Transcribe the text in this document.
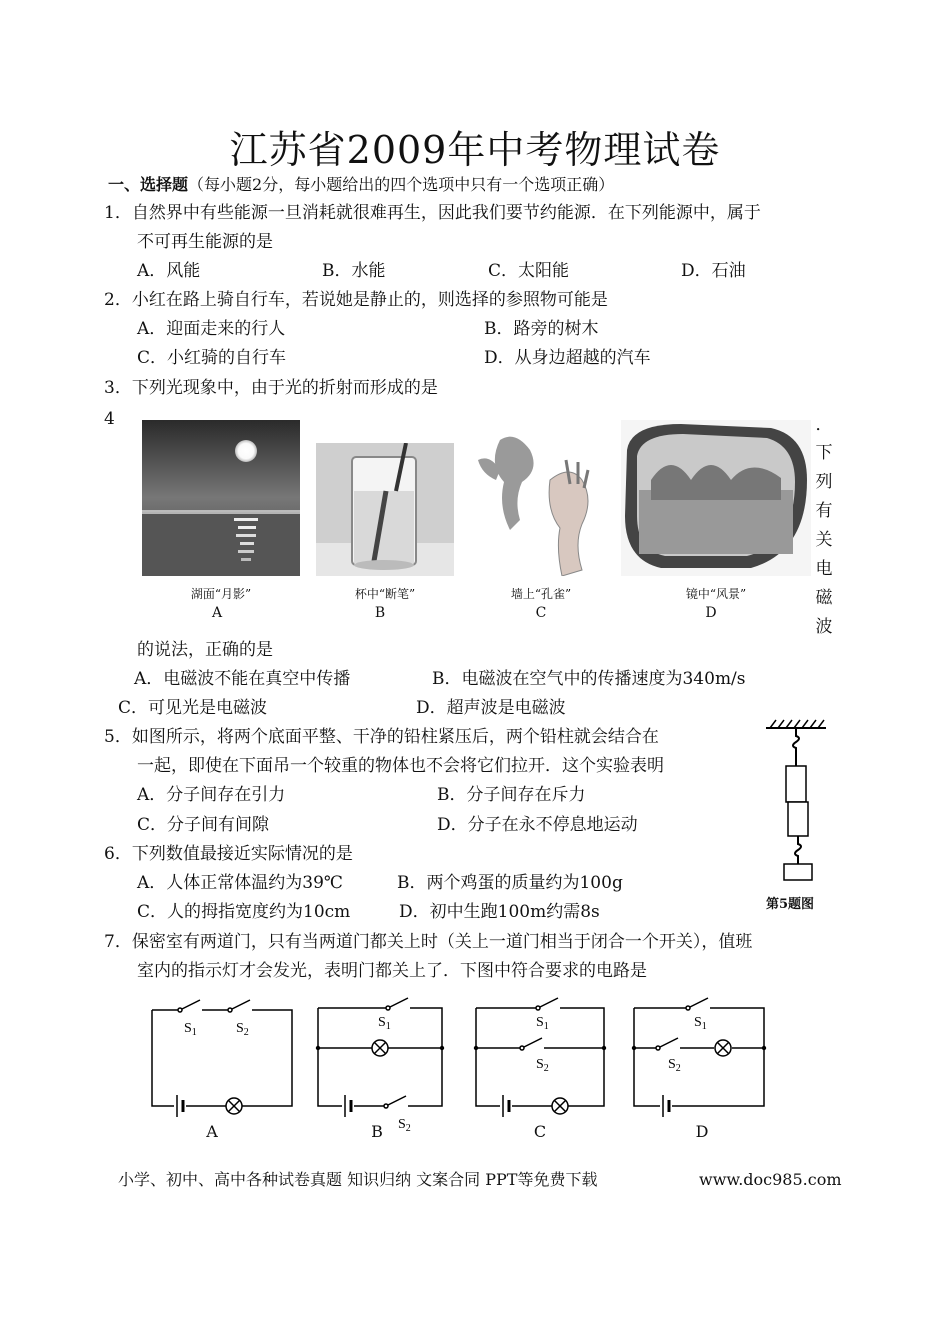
江苏省2009年中考物理试卷
一、选择题（每小题2分，每小题给出的四个选项中只有一个选项正确）
1．自然界中有些能源一旦消耗就很难再生，因此我们要节约能源．在下列能源中，属于
不可再生能源的是
A．风能	B．水能	C．太阳能	D．石油
2．小红在路上骑自行车，若说她是静止的，则选择的参照物可能是
A．迎面走来的行人	B．路旁的树木
C．小红骑的自行车	D．从身边超越的汽车
3．下列光现象中，由于光的折射而形成的是
4
湖面“月影”	杯中“断笔”	墙上“孔雀”	镜中“风景”
A	B	C	D
．
下
列
有
关
电
磁
波
的说法，正确的是
A．电磁波不能在真空中传播	B．电磁波在空气中的传播速度为340m/s
C．可见光是电磁波	D．超声波是电磁波
5．如图所示，将两个底面平整、干净的铅柱紧压后，两个铅柱就会结合在
一起，即使在下面吊一个较重的物体也不会将它们拉开．这个实验表明
A．分子间存在引力	B．分子间存在斥力
C．分子间有间隙	D．分子在永不停息地运动
第5题图
6．下列数值最接近实际情况的是
A．人体正常体温约为39℃	B．两个鸡蛋的质量约为100g
C．人的拇指宽度约为10cm	D．初中生跑100m约需8s
7．保密室有两道门，只有当两道门都关上时（关上一道门相当于闭合一个开关），值班
室内的指示灯才会发光，表明门都关上了．下图中符合要求的电路是
$S_1$	$S_2$
$S_1$
$S_2$
$S_1$
$S_2$
$S_1$
$S_2$
A	B	C	D
小学、初中、高中各种试卷真题 知识归纳 文案合同 PPT等免费下载	www.doc985.com
